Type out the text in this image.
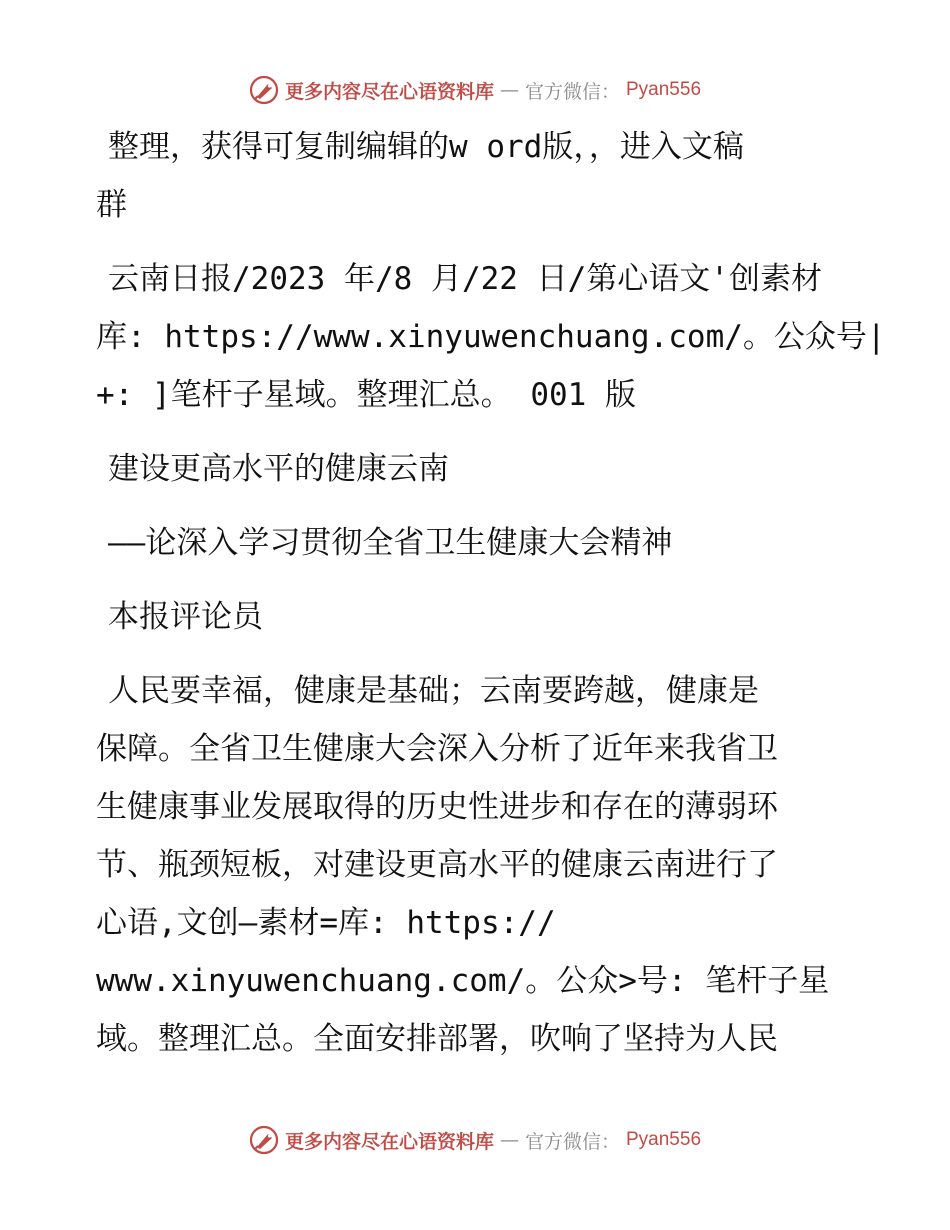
更多内容尽在心语资料库 — 官方微信： Pyan556

整理，获得可复制编辑的w ord版，，进入文稿
群

云南日报/2023 年/8 月/22 日/第心语文'创素材
库: https://www.xinyuwenchuang.com/。公众号|
+: ]笔杆子星域。整理汇总。 001 版

建设更高水平的健康云南

——论深入学习贯彻全省卫生健康大会精神

本报评论员

人民要幸福，健康是基础；云南要跨越，健康是
保障。全省卫生健康大会深入分析了近年来我省卫
生健康事业发展取得的历史性进步和存在的薄弱环
节、瓶颈短板，对建设更高水平的健康云南进行了
心语,文创—素材=库: https://
www.xinyuwenchuang.com/。公众>号: 笔杆子星
域。整理汇总。全面安排部署，吹响了坚持为人民

更多内容尽在心语资料库 — 官方微信： Pyan556
